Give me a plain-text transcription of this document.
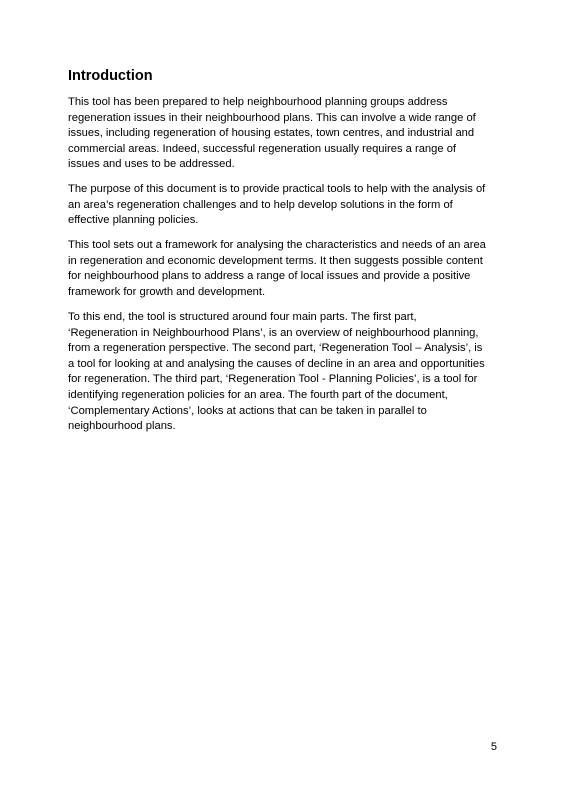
Introduction

This tool has been prepared to help neighbourhood planning groups address
regeneration issues in their neighbourhood plans. This can involve a wide range of
issues, including regeneration of housing estates, town centres, and industrial and
commercial areas. Indeed, successful regeneration usually requires a range of
issues and uses to be addressed.

The purpose of this document is to provide practical tools to help with the analysis of
an area’s regeneration challenges and to help develop solutions in the form of
effective planning policies.

This tool sets out a framework for analysing the characteristics and needs of an area
in regeneration and economic development terms. It then suggests possible content
for neighbourhood plans to address a range of local issues and provide a positive
framework for growth and development.

To this end, the tool is structured around four main parts. The first part,
‘Regeneration in Neighbourhood Plans’, is an overview of neighbourhood planning,
from a regeneration perspective. The second part, ‘Regeneration Tool – Analysis’, is
a tool for looking at and analysing the causes of decline in an area and opportunities
for regeneration. The third part, ‘Regeneration Tool - Planning Policies’, is a tool for
identifying regeneration policies for an area. The fourth part of the document,
‘Complementary Actions’, looks at actions that can be taken in parallel to
neighbourhood plans.

5
